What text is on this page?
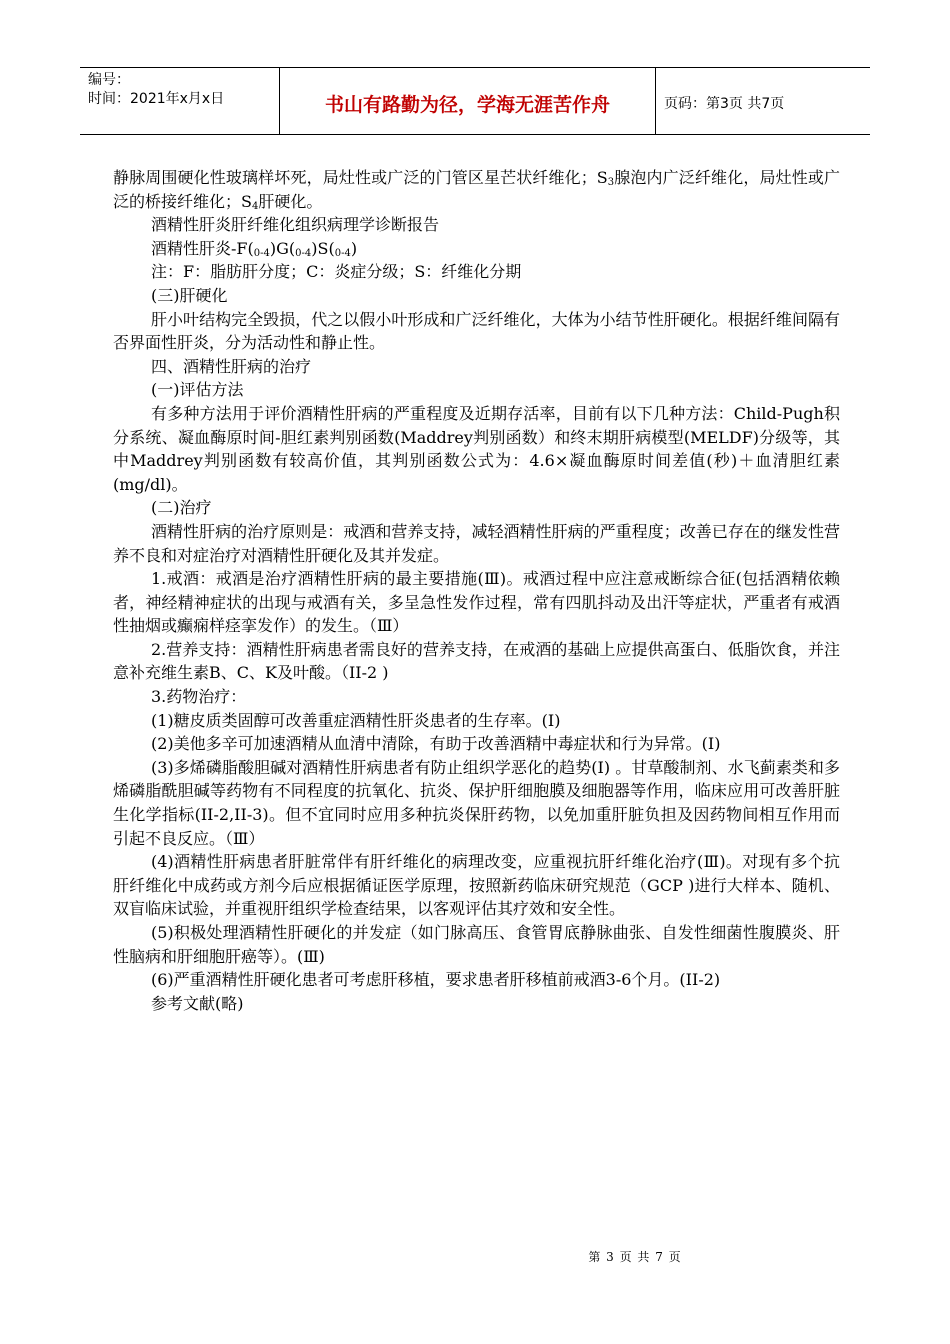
编号：
时间：2021年x月x日	书山有路勤为径，学海无涯苦作舟	页码：第3页 共7页

静脉周围硬化性玻璃样坏死，局灶性或广泛的门管区星芒状纤维化；$S_3$腺泡内广泛纤维化，局灶性或广泛的桥接纤维化；$S_4$肝硬化。

酒精性肝炎肝纤维化组织病理学诊断报告

酒精性肝炎$-F(_{0-4})G(_{0-4})S(_{0-4})$

注：F：脂肪肝分度；C：炎症分级；S：纤维化分期

(三)肝硬化

肝小叶结构完全毁损，代之以假小叶形成和广泛纤维化，大体为小结节性肝硬化。根据纤维间隔有否界面性肝炎，分为活动性和静止性。

四、酒精性肝病的治疗

(一)评估方法

有多种方法用于评价酒精性肝病的严重程度及近期存活率，目前有以下几种方法：Child-Pugh积分系统、凝血酶原时间-胆红素判别函数(Maddrey判别函数）和终末期肝病模型(MELDF)分级等，其中Maddrey判别函数有较高价值，其判别函数公式为：4.6×凝血酶原时间差值(秒)＋血清胆红素(mg/dl)。

(二)治疗

酒精性肝病的治疗原则是：戒酒和营养支持，减轻酒精性肝病的严重程度；改善已存在的继发性营养不良和对症治疗对酒精性肝硬化及其并发症。

1.戒酒：戒酒是治疗酒精性肝病的最主要措施(Ⅲ)。戒酒过程中应注意戒断综合征(包括酒精依赖者，神经精神症状的出现与戒酒有关，多呈急性发作过程，常有四肌抖动及出汗等症状，严重者有戒酒性抽烟或癫痫样痉挛发作）的发生。（Ⅲ）

2.营养支持：酒精性肝病患者需良好的营养支持，在戒酒的基础上应提供高蛋白、低脂饮食，并注意补充维生素B、C、K及叶酸。（II-2 )

3.药物治疗：

(1)糖皮质类固醇可改善重症酒精性肝炎患者的生存率。(I)

(2)美他多辛可加速酒精从血清中清除，有助于改善酒精中毒症状和行为异常。(I)

(3)多烯磷脂酸胆碱对酒精性肝病患者有防止组织学恶化的趋势(I) 。甘草酸制剂、水飞蓟素类和多烯磷脂酰胆碱等药物有不同程度的抗氧化、抗炎、保护肝细胞膜及细胞器等作用，临床应用可改善肝脏生化学指标(II-2,II-3)。但不宜同时应用多种抗炎保肝药物，以免加重肝脏负担及因药物间相互作用而引起不良反应。（Ⅲ）

(4)酒精性肝病患者肝脏常伴有肝纤维化的病理改变，应重视抗肝纤维化治疗(Ⅲ)。对现有多个抗肝纤维化中成药或方剂今后应根据循证医学原理，按照新药临床研究规范（GCP )进行大样本、随机、双盲临床试验，并重视肝组织学检查结果，以客观评估其疗效和安全性。

(5)积极处理酒精性肝硬化的并发症（如门脉高压、食管胃底静脉曲张、自发性细菌性腹膜炎、肝性脑病和肝细胞肝癌等）。(Ⅲ)

(6)严重酒精性肝硬化患者可考虑肝移植，要求患者肝移植前戒酒3-6个月。(II-2)

参考文献(略)

第 3 页 共 7 页
